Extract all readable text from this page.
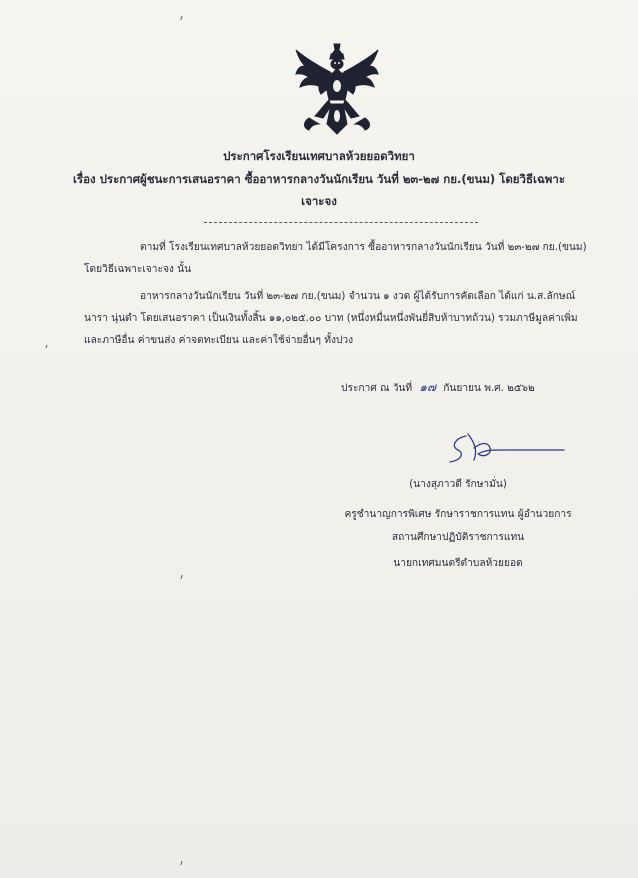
ประกาศโรงเรียนเทศบาลห้วยยอดวิทยา
เรื่อง ประกาศผู้ชนะการเสนอราคา ซื้ออาหารกลางวันนักเรียน วันที่ ๒๓-๒๗ กย.(ขนม) โดยวิธีเฉพาะ
เจาะจง
ตามที่ โรงเรียนเทศบาลห้วยยอดวิทยา ได้มีโครงการ ซื้ออาหารกลางวันนักเรียน วันที่ ๒๓-๒๗ กย.(ขนม)
โดยวิธีเฉพาะเจาะจง นั้น
อาหารกลางวันนักเรียน วันที่ ๒๓-๒๗ กย.(ขนม) จำนวน ๑ งวด ผู้ได้รับการคัดเลือก ได้แก่ น.ส.ลักษณ์
นารา นุ่นดำ โดยเสนอราคา เป็นเงินทั้งสิ้น ๑๑,๐๒๕.๐๐ บาท (หนึ่งหมื่นหนึ่งพันยี่สิบห้าบาทถ้วน) รวมภาษีมูลค่าเพิ่ม
และภาษีอื่น ค่าขนส่ง ค่าจดทะเบียน และค่าใช้จ่ายอื่นๆ ทั้งปวง
ประกาศ ณ วันที่ ๑๗ กันยายน พ.ศ. ๒๕๖๒
(นางสุภาวดี รักษามั่น)
ครูชำนาญการพิเศษ รักษาราชการแทน ผู้อำนวยการ
สถานศึกษาปฏิบัติราชการแทน
นายกเทศมนตรีตำบลห้วยยอด
